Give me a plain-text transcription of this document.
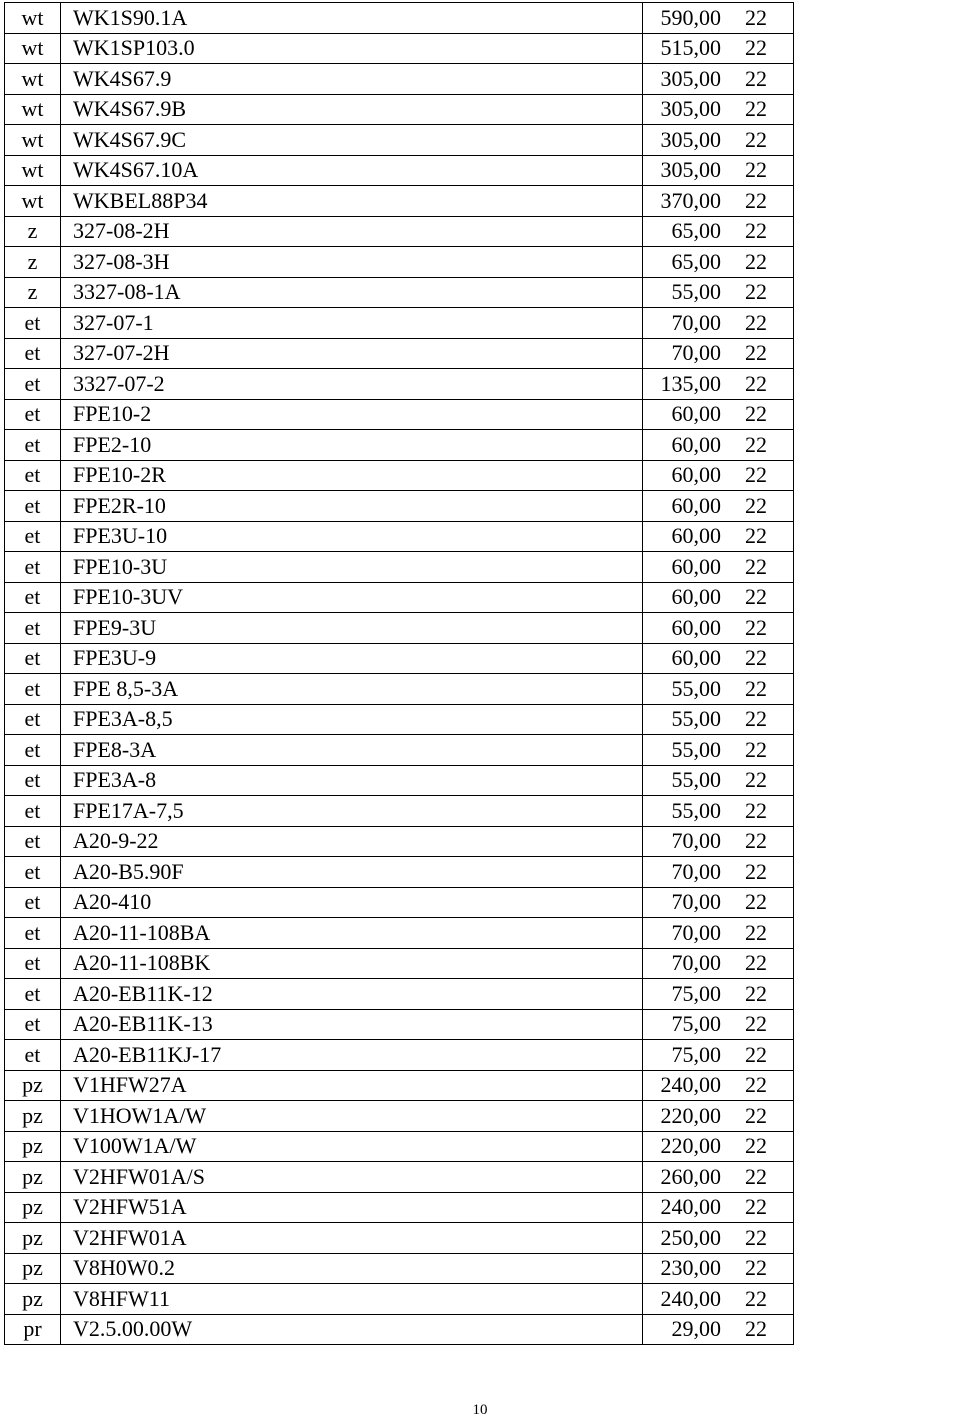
wt	WK1S90.1A	590,00 22
wt	WK1SP103.0	515,00 22
wt	WK4S67.9	305,00 22
wt	WK4S67.9B	305,00 22
wt	WK4S67.9C	305,00 22
wt	WK4S67.10A	305,00 22
wt	WKBEL88P34	370,00 22
z	327-08-2H	65,00 22
z	327-08-3H	65,00 22
z	3327-08-1A	55,00 22
et	327-07-1	70,00 22
et	327-07-2H	70,00 22
et	3327-07-2	135,00 22
et	FPE10-2	60,00 22
et	FPE2-10	60,00 22
et	FPE10-2R	60,00 22
et	FPE2R-10	60,00 22
et	FPE3U-10	60,00 22
et	FPE10-3U	60,00 22
et	FPE10-3UV	60,00 22
et	FPE9-3U	60,00 22
et	FPE3U-9	60,00 22
et	FPE 8,5-3A	55,00 22
et	FPE3A-8,5	55,00 22
et	FPE8-3A	55,00 22
et	FPE3A-8	55,00 22
et	FPE17A-7,5	55,00 22
et	A20-9-22	70,00 22
et	A20-B5.90F	70,00 22
et	A20-410	70,00 22
et	A20-11-108BA	70,00 22
et	A20-11-108BK	70,00 22
et	A20-EB11K-12	75,00 22
et	A20-EB11K-13	75,00 22
et	A20-EB11KJ-17	75,00 22
pz	V1HFW27A	240,00 22
pz	V1HOW1A/W	220,00 22
pz	V100W1A/W	220,00 22
pz	V2HFW01A/S	260,00 22
pz	V2HFW51A	240,00 22
pz	V2HFW01A	250,00 22
pz	V8H0W0.2	230,00 22
pz	V8HFW11	240,00 22
pr	V2.5.00.00W	29,00 22
10
